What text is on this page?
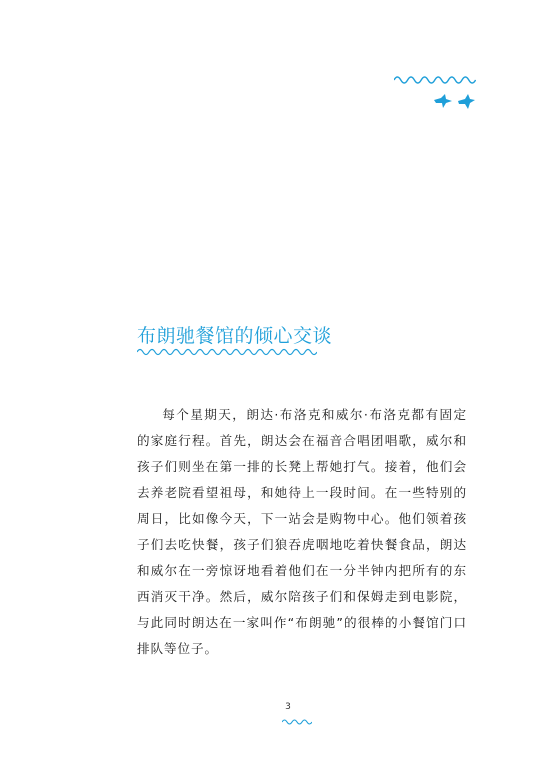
布朗驰餐馆的倾心交谈

每个星期天，朗达·布洛克和威尔·布洛克都有固定的家庭行程。首先，朗达会在福音合唱团唱歌，威尔和孩子们则坐在第一排的长凳上帮她打气。接着，他们会去养老院看望祖母，和她待上一段时间。在一些特别的周日，比如像今天，下一站会是购物中心。他们领着孩子们去吃快餐，孩子们狼吞虎咽地吃着快餐食品，朗达和威尔在一旁惊讶地看着他们在一分半钟内把所有的东西消灭干净。然后，威尔陪孩子们和保姆走到电影院，与此同时朗达在一家叫作“布朗驰”的很棒的小餐馆门口排队等位子。

3
